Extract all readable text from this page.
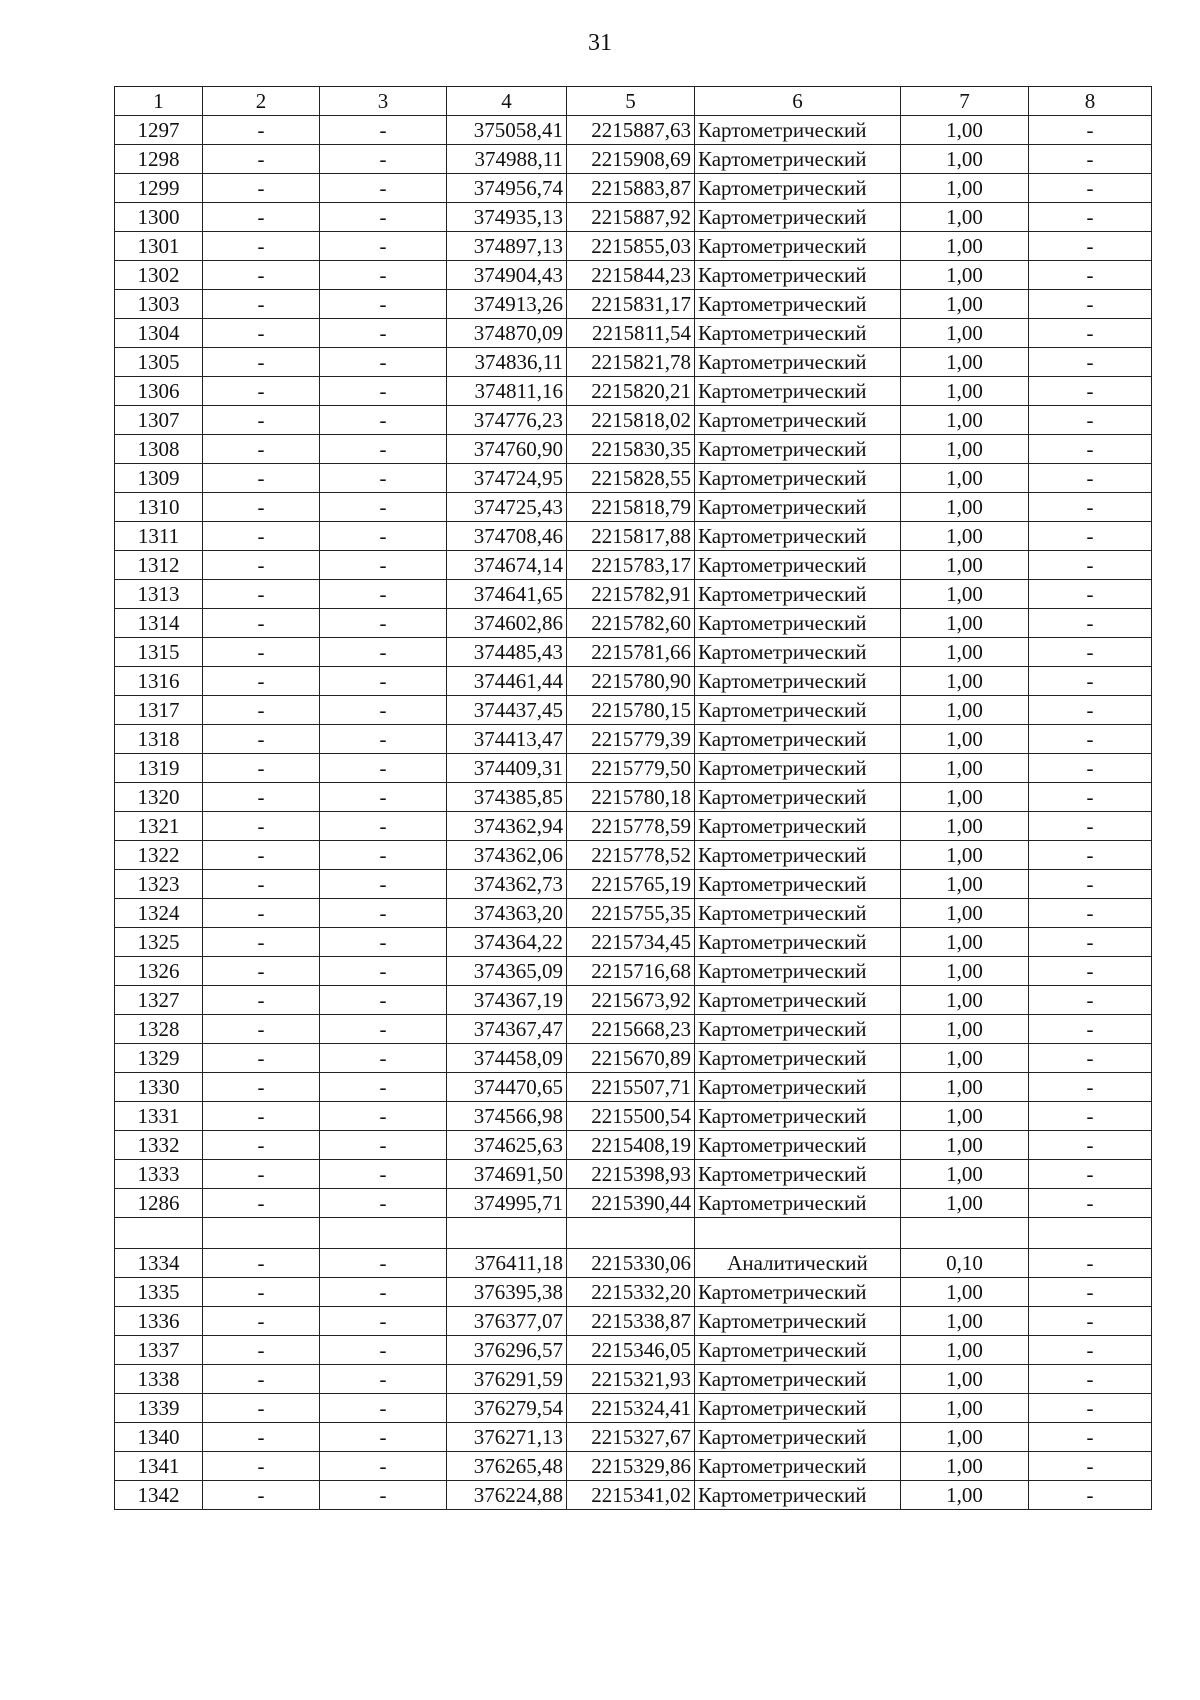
31
1	2	3	4	5	6	7	8
1297	-	-	375058,41	2215887,63	Картометрический	1,00	-
1298	-	-	374988,11	2215908,69	Картометрический	1,00	-
1299	-	-	374956,74	2215883,87	Картометрический	1,00	-
1300	-	-	374935,13	2215887,92	Картометрический	1,00	-
1301	-	-	374897,13	2215855,03	Картометрический	1,00	-
1302	-	-	374904,43	2215844,23	Картометрический	1,00	-
1303	-	-	374913,26	2215831,17	Картометрический	1,00	-
1304	-	-	374870,09	2215811,54	Картометрический	1,00	-
1305	-	-	374836,11	2215821,78	Картометрический	1,00	-
1306	-	-	374811,16	2215820,21	Картометрический	1,00	-
1307	-	-	374776,23	2215818,02	Картометрический	1,00	-
1308	-	-	374760,90	2215830,35	Картометрический	1,00	-
1309	-	-	374724,95	2215828,55	Картометрический	1,00	-
1310	-	-	374725,43	2215818,79	Картометрический	1,00	-
1311	-	-	374708,46	2215817,88	Картометрический	1,00	-
1312	-	-	374674,14	2215783,17	Картометрический	1,00	-
1313	-	-	374641,65	2215782,91	Картометрический	1,00	-
1314	-	-	374602,86	2215782,60	Картометрический	1,00	-
1315	-	-	374485,43	2215781,66	Картометрический	1,00	-
1316	-	-	374461,44	2215780,90	Картометрический	1,00	-
1317	-	-	374437,45	2215780,15	Картометрический	1,00	-
1318	-	-	374413,47	2215779,39	Картометрический	1,00	-
1319	-	-	374409,31	2215779,50	Картометрический	1,00	-
1320	-	-	374385,85	2215780,18	Картометрический	1,00	-
1321	-	-	374362,94	2215778,59	Картометрический	1,00	-
1322	-	-	374362,06	2215778,52	Картометрический	1,00	-
1323	-	-	374362,73	2215765,19	Картометрический	1,00	-
1324	-	-	374363,20	2215755,35	Картометрический	1,00	-
1325	-	-	374364,22	2215734,45	Картометрический	1,00	-
1326	-	-	374365,09	2215716,68	Картометрический	1,00	-
1327	-	-	374367,19	2215673,92	Картометрический	1,00	-
1328	-	-	374367,47	2215668,23	Картометрический	1,00	-
1329	-	-	374458,09	2215670,89	Картометрический	1,00	-
1330	-	-	374470,65	2215507,71	Картометрический	1,00	-
1331	-	-	374566,98	2215500,54	Картометрический	1,00	-
1332	-	-	374625,63	2215408,19	Картометрический	1,00	-
1333	-	-	374691,50	2215398,93	Картометрический	1,00	-
1286	-	-	374995,71	2215390,44	Картометрический	1,00	-

1334	-	-	376411,18	2215330,06	Аналитический	0,10	-
1335	-	-	376395,38	2215332,20	Картометрический	1,00	-
1336	-	-	376377,07	2215338,87	Картометрический	1,00	-
1337	-	-	376296,57	2215346,05	Картометрический	1,00	-
1338	-	-	376291,59	2215321,93	Картометрический	1,00	-
1339	-	-	376279,54	2215324,41	Картометрический	1,00	-
1340	-	-	376271,13	2215327,67	Картометрический	1,00	-
1341	-	-	376265,48	2215329,86	Картометрический	1,00	-
1342	-	-	376224,88	2215341,02	Картометрический	1,00	-
